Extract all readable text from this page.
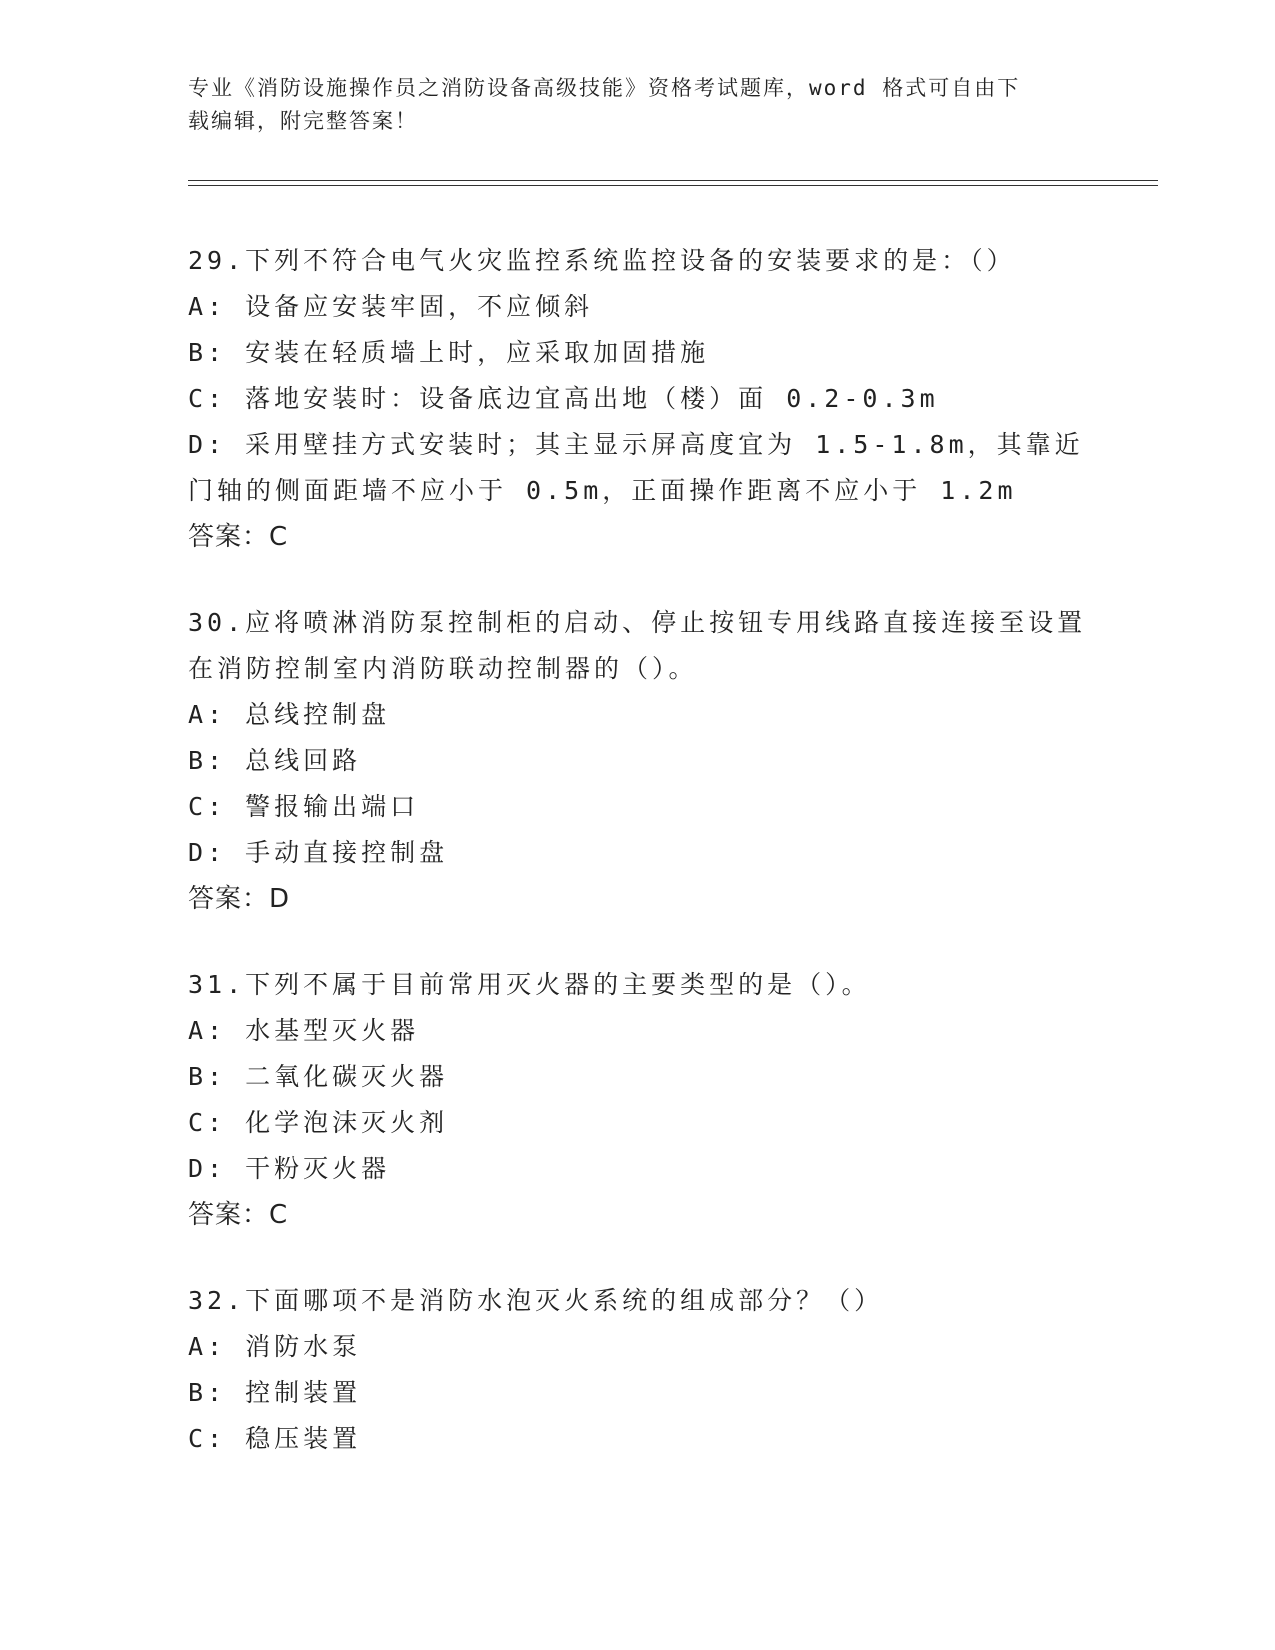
专业《消防设施操作员之消防设备高级技能》资格考试题库，word 格式可自由下
载编辑，附完整答案！
29.下列不符合电气火灾监控系统监控设备的安装要求的是：（）
A: 设备应安装牢固，不应倾斜
B: 安装在轻质墙上时，应采取加固措施
C: 落地安装时：设备底边宜高出地（楼）面 0.2-0.3m
D: 采用壁挂方式安装时；其主显示屏高度宜为 1.5-1.8m，其靠近门轴的侧面距墙不应小于 0.5m，正面操作距离不应小于 1.2m
答案：C
30.应将喷淋消防泵控制柜的启动、停止按钮专用线路直接连接至设置在消防控制室内消防联动控制器的（）。
A: 总线控制盘
B: 总线回路
C: 警报输出端口
D: 手动直接控制盘
答案：D
31.下列不属于目前常用灭火器的主要类型的是（）。
A: 水基型灭火器
B: 二氧化碳灭火器
C: 化学泡沫灭火剂
D: 干粉灭火器
答案：C
32.下面哪项不是消防水泡灭火系统的组成部分？（）
A: 消防水泵
B: 控制装置
C: 稳压装置
